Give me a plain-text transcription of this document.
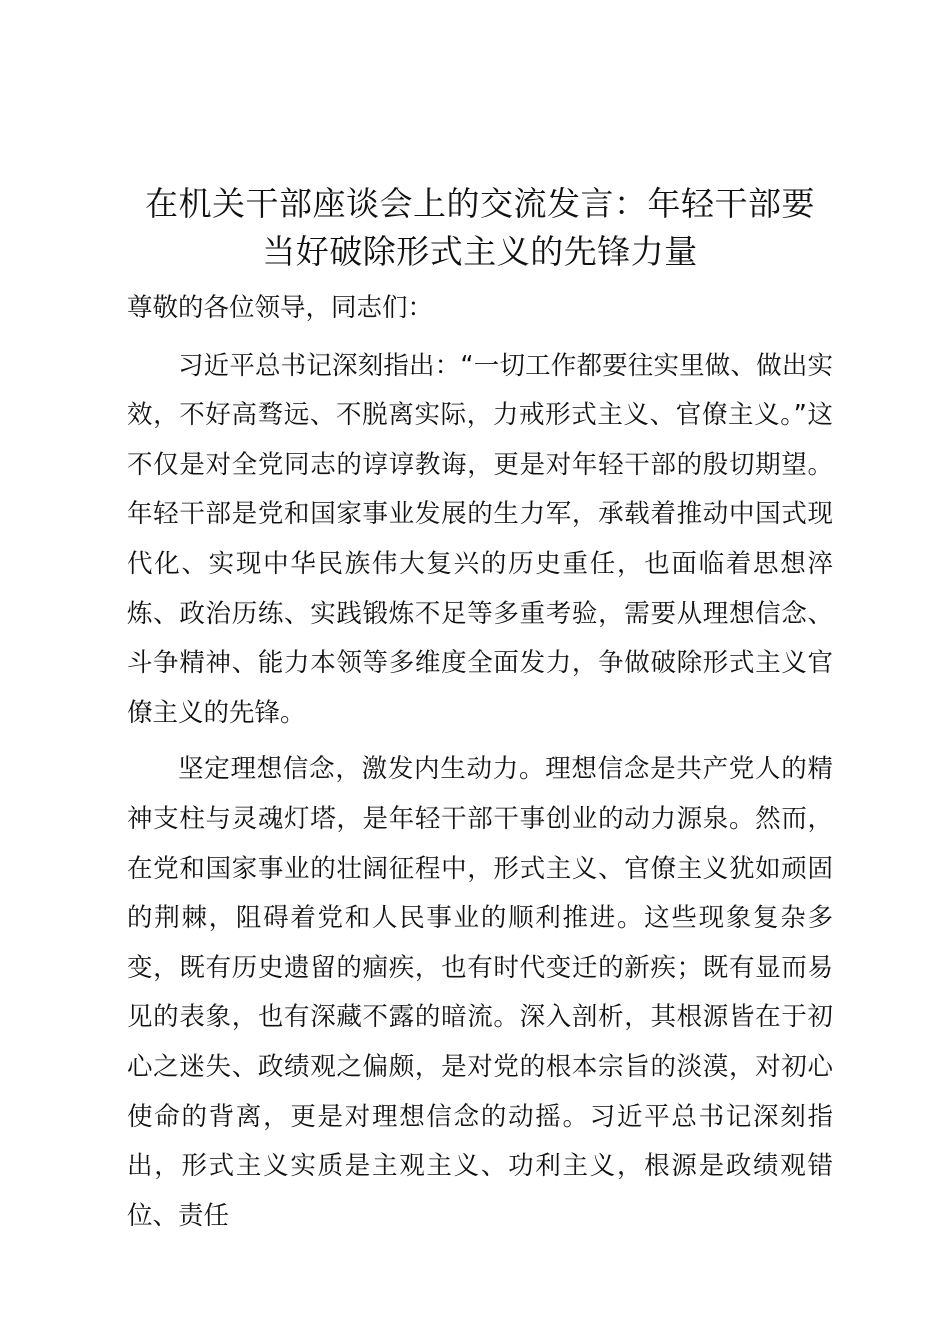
在机关干部座谈会上的交流发言：年轻干部要
当好破除形式主义的先锋力量

尊敬的各位领导，同志们：

习近平总书记深刻指出：“一切工作都要往实里做、做出实效，不好高骛远、不脱离实际，力戒形式主义、官僚主义。”这不仅是对全党同志的谆谆教诲，更是对年轻干部的殷切期望。年轻干部是党和国家事业发展的生力军，承载着推动中国式现代化、实现中华民族伟大复兴的历史重任，也面临着思想淬炼、政治历练、实践锻炼不足等多重考验，需要从理想信念、斗争精神、能力本领等多维度全面发力，争做破除形式主义官僚主义的先锋。

坚定理想信念，激发内生动力。理想信念是共产党人的精神支柱与灵魂灯塔，是年轻干部干事创业的动力源泉。然而，在党和国家事业的壮阔征程中，形式主义、官僚主义犹如顽固的荆棘，阻碍着党和人民事业的顺利推进。这些现象复杂多变，既有历史遗留的痼疾，也有时代变迁的新疾；既有显而易见的表象，也有深藏不露的暗流。深入剖析，其根源皆在于初心之迷失、政绩观之偏颇，是对党的根本宗旨的淡漠，对初心使命的背离，更是对理想信念的动摇。习近平总书记深刻指出，形式主义实质是主观主义、功利主义，根源是政绩观错位、责任
